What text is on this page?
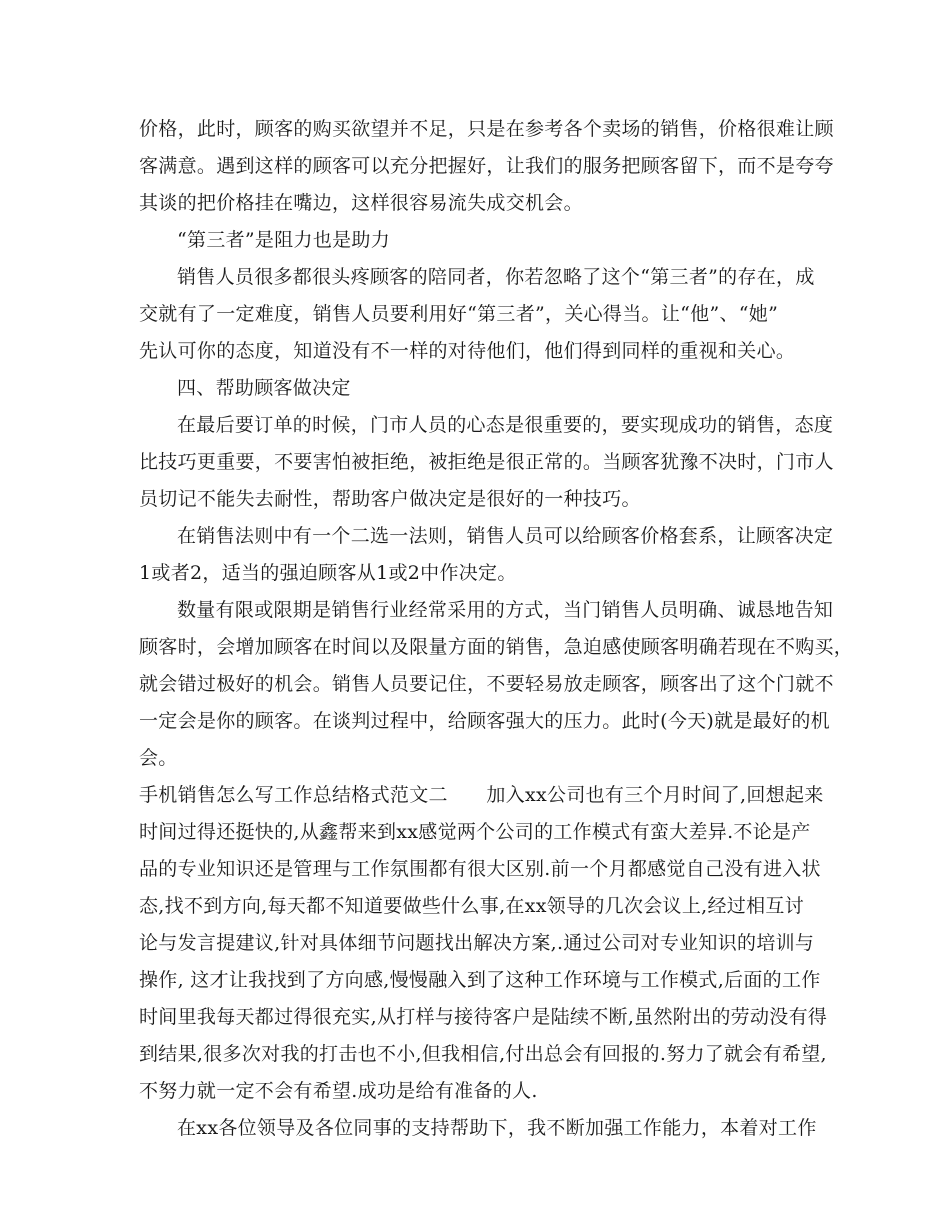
价格，此时，顾客的购买欲望并不足，只是在参考各个卖场的销售，价格很难让顾
客满意。遇到这样的顾客可以充分把握好，让我们的服务把顾客留下，而不是夸夸
其谈的把价格挂在嘴边，这样很容易流失成交机会。
“第三者”是阻力也是助力
销售人员很多都很头疼顾客的陪同者，你若忽略了这个“第三者”的存在，成
交就有了一定难度，销售人员要利用好“第三者”，关心得当。让“他”、“她”
先认可你的态度，知道没有不一样的对待他们，他们得到同样的重视和关心。
四、帮助顾客做决定
在最后要订单的时候，门市人员的心态是很重要的，要实现成功的销售，态度
比技巧更重要，不要害怕被拒绝，被拒绝是很正常的。当顾客犹豫不决时，门市人
员切记不能失去耐性，帮助客户做决定是很好的一种技巧。
在销售法则中有一个二选一法则，销售人员可以给顾客价格套系，让顾客决定
1或者2，适当的强迫顾客从1或2中作决定。
数量有限或限期是销售行业经常采用的方式，当门销售人员明确、诚恳地告知
顾客时，会增加顾客在时间以及限量方面的销售，急迫感使顾客明确若现在不购买，
就会错过极好的机会。销售人员要记住，不要轻易放走顾客，顾客出了这个门就不
一定会是你的顾客。在谈判过程中，给顾客强大的压力。此时(今天)就是最好的机
会。
手机销售怎么写工作总结格式范文二　　加入xx公司也有三个月时间了,回想起来
时间过得还挺快的,从鑫帮来到xx感觉两个公司的工作模式有蛮大差异.不论是产
品的专业知识还是管理与工作氛围都有很大区别.前一个月都感觉自己没有进入状
态,找不到方向,每天都不知道要做些什么事,在xx领导的几次会议上,经过相互讨
论与发言提建议,针对具体细节问题找出解决方案,.通过公司对专业知识的培训与
操作, 这才让我找到了方向感,慢慢融入到了这种工作环境与工作模式,后面的工作
时间里我每天都过得很充实,从打样与接待客户是陆续不断,虽然附出的劳动没有得
到结果,很多次对我的打击也不小,但我相信,付出总会有回报的.努力了就会有希望,
不努力就一定不会有希望.成功是给有准备的人.
在xx各位领导及各位同事的支持帮助下，我不断加强工作能力，本着对工作
